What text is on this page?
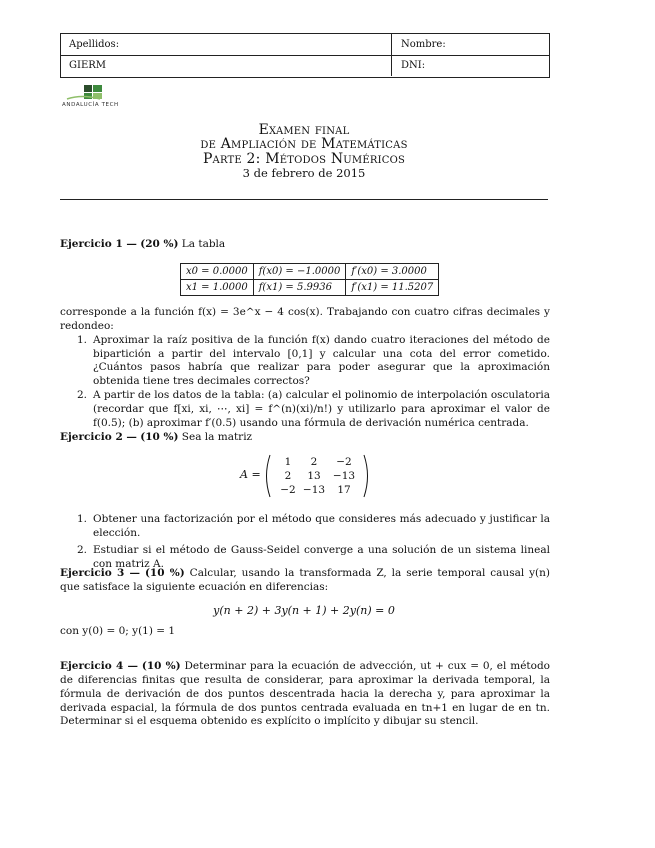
Apellidos:	Nombre:
GIERM	DNI:
ANDALUCÍA TECH
Examen final
de Ampliación de Matemáticas
Parte 2: Métodos Numéricos
3 de febrero de 2015
Ejercicio 1 — (20 %) La tabla
x0 = 0.0000	f(x0) = −1.0000	f′(x0) = 3.0000
x1 = 1.0000	f(x1) = 5.9936	f′(x1) = 11.5207
corresponde a la función f(x) = 3e^x − 4 cos(x). Trabajando con cuatro cifras decimales y redondeo:
1. Aproximar la raíz positiva de la función f(x) dando cuatro iteraciones del método de bipartición a partir del intervalo [0,1] y calcular una cota del error cometido. ¿Cuántos pasos habría que realizar para poder asegurar que la aproximación obtenida tiene tres decimales correctos?
2. A partir de los datos de la tabla: (a) calcular el polinomio de interpolación osculatoria (recordar que f[xi, xi, ⋯, xi] = f^(n)(xi)/n!) y utilizarlo para aproximar el valor de f(0.5); (b) aproximar f′(0.5) usando una fórmula de derivación numérica centrada.
Ejercicio 2 — (10 %) Sea la matriz
A =
1 2 −2
2 13 −13
−2 −13 17
1. Obtener una factorización por el método que consideres más adecuado y justificar la elección.
2. Estudiar si el método de Gauss-Seidel converge a una solución de un sistema lineal con matriz A.
Ejercicio 3 — (10 %) Calcular, usando la transformada Z, la serie temporal causal y(n) que satisface la siguiente ecuación en diferencias:
y(n + 2) + 3y(n + 1) + 2y(n) = 0
con y(0) = 0; y(1) = 1
Ejercicio 4 — (10 %) Determinar para la ecuación de advección, ut + cux = 0, el método de diferencias finitas que resulta de considerar, para aproximar la derivada temporal, la fórmula de derivación de dos puntos descentrada hacia la derecha y, para aproximar la derivada espacial, la fórmula de dos puntos centrada evaluada en tn+1 en lugar de en tn. Determinar si el esquema obtenido es explícito o implícito y dibujar su stencil.
